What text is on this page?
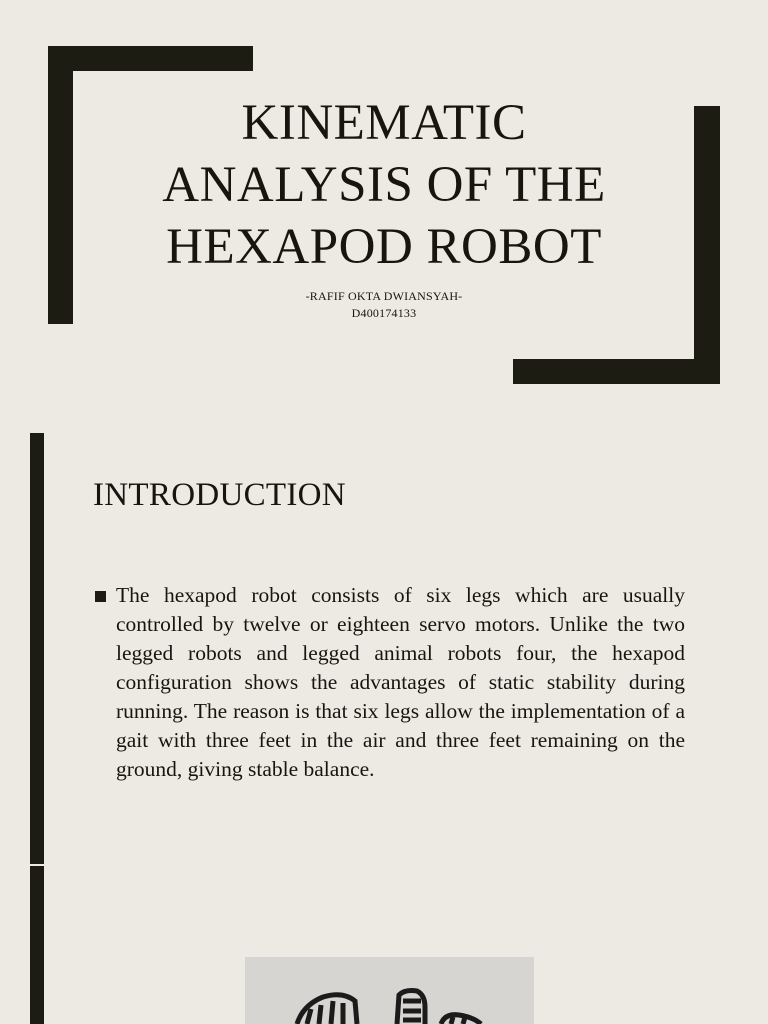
KINEMATIC
ANALYSIS OF THE
HEXAPOD ROBOT
-RAFIF OKTA DWIANSYAH-
D400174133
INTRODUCTION

The hexapod robot consists of six legs which are usually controlled by twelve or eighteen servo motors. Unlike the two legged robots and legged animal robots four, the hexapod configuration shows the advantages of static stability during running. The reason is that six legs allow the implementation of a gait with three feet in the air and three feet remaining on the ground, giving stable balance.
